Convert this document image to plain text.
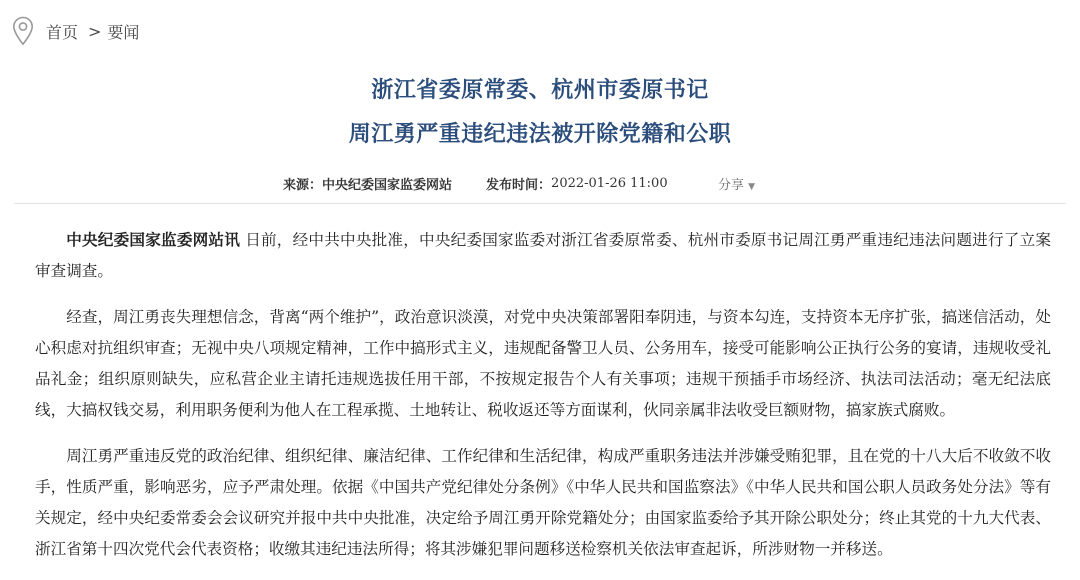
首页 > 要闻
浙江省委原常委、杭州市委原书记
周江勇严重违纪违法被开除党籍和公职
来源： 中央纪委国家监委网站	发布时间： 2022-01-26 11:00	分享 ▼

中央纪委国家监委网站讯 日前，经中共中央批准，中央纪委国家监委对浙江省委原常委、杭州市委原书记周江勇严重违纪违法问题进行了立案审查调查。

经查，周江勇丧失理想信念，背离“两个维护”，政治意识淡漠，对党中央决策部署阳奉阴违，与资本勾连，支持资本无序扩张，搞迷信活动，处心积虑对抗组织审查；无视中央八项规定精神，工作中搞形式主义，违规配备警卫人员、公务用车，接受可能影响公正执行公务的宴请，违规收受礼品礼金；组织原则缺失，应私营企业主请托违规选拔任用干部，不按规定报告个人有关事项；违规干预插手市场经济、执法司法活动；毫无纪法底线，大搞权钱交易，利用职务便利为他人在工程承揽、土地转让、税收返还等方面谋利，伙同亲属非法收受巨额财物，搞家族式腐败。

周江勇严重违反党的政治纪律、组织纪律、廉洁纪律、工作纪律和生活纪律，构成严重职务违法并涉嫌受贿犯罪，且在党的十八大后不收敛不收手，性质严重，影响恶劣，应予严肃处理。依据《中国共产党纪律处分条例》《中华人民共和国监察法》《中华人民共和国公职人员政务处分法》等有关规定，经中央纪委常委会会议研究并报中共中央批准，决定给予周江勇开除党籍处分；由国家监委给予其开除公职处分；终止其党的十九大代表、浙江省第十四次党代会代表资格；收缴其违纪违法所得；将其涉嫌犯罪问题移送检察机关依法审查起诉，所涉财物一并移送。
